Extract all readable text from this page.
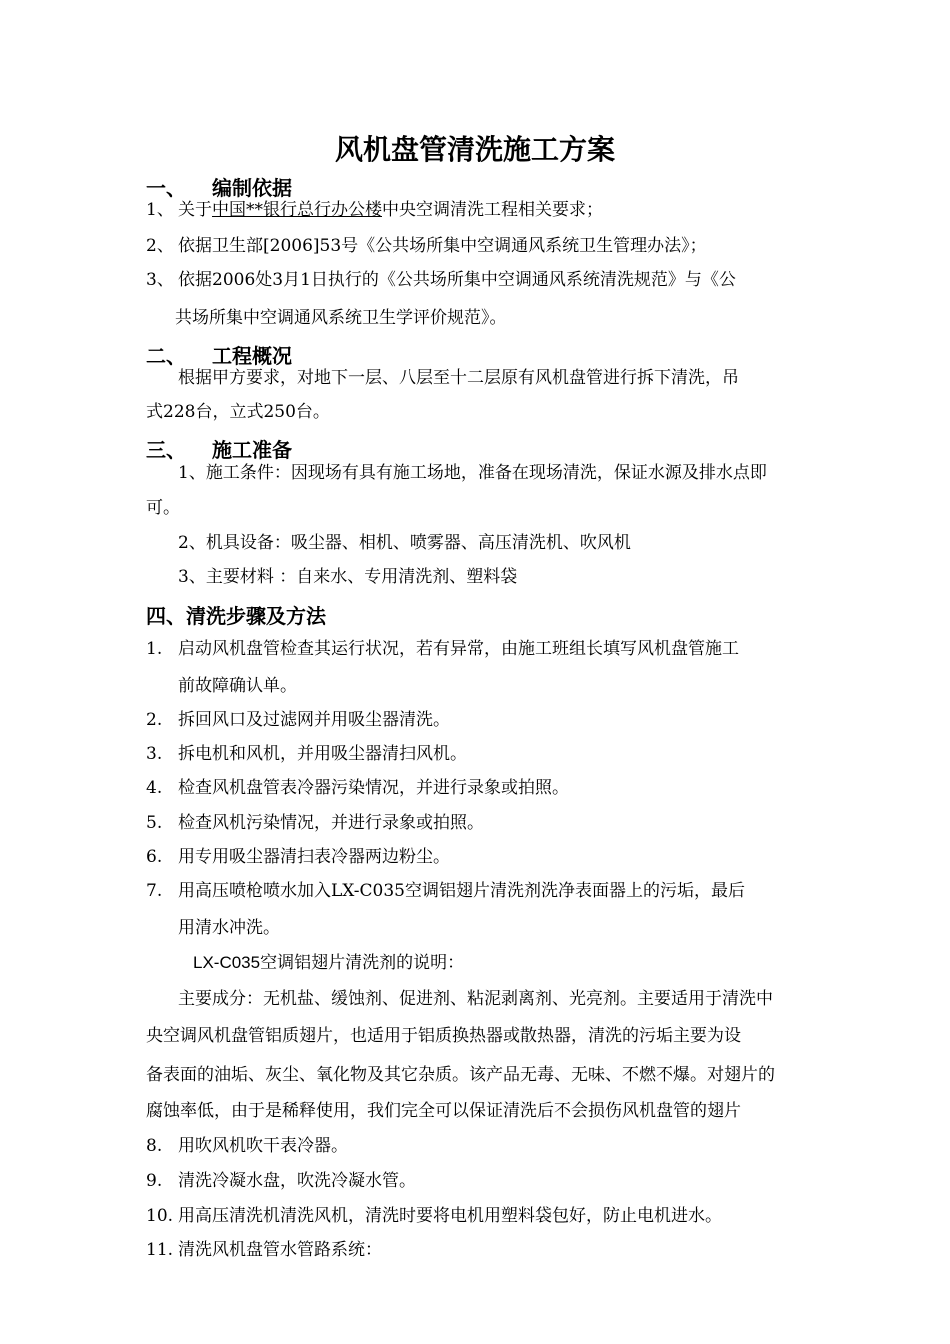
风机盘管清洗施工方案
一、 编制依据
1、 关于中国**银行总行办公楼中央空调清洗工程相关要求；
2、 依据卫生部[2006]53号《公共场所集中空调通风系统卫生管理办法》；
3、 依据2006处3月1日执行的《公共场所集中空调通风系统清洗规范》与《公
共场所集中空调通风系统卫生学评价规范》。
二、 工程概况
根据甲方要求，对地下一层、八层至十二层原有风机盘管进行拆下清洗，吊
式228台，立式250台。
三、 施工准备
1、施工条件：因现场有具有施工场地，准备在现场清洗，保证水源及排水点即
可。
2、机具设备：吸尘器、相机、喷雾器、高压清洗机、吹风机
3、主要材料 ：自来水、专用清洗剂、塑料袋
四、清洗步骤及方法
1. 启动风机盘管检查其运行状况，若有异常，由施工班组长填写风机盘管施工
前故障确认单。
2. 拆回风口及过滤网并用吸尘器清洗。
3. 拆电机和风机，并用吸尘器清扫风机。
4. 检查风机盘管表冷器污染情况，并进行录象或拍照。
5. 检查风机污染情况，并进行录象或拍照。
6. 用专用吸尘器清扫表冷器两边粉尘。
7. 用高压喷枪喷水加入LX-C035空调铝翅片清洗剂洗净表面器上的污垢，最后
用清水冲洗。
LX-C035空调铝翅片清洗剂的说明：
主要成分：无机盐、缓蚀剂、促进剂、粘泥剥离剂、光亮剂。主要适用于清洗中
央空调风机盘管铝质翅片，也适用于铝质换热器或散热器，清洗的污垢主要为设
备表面的油垢、灰尘、氧化物及其它杂质。该产品无毒、无味、不燃不爆。对翅片的
腐蚀率低，由于是稀释使用，我们完全可以保证清洗后不会损伤风机盘管的翅片
8. 用吹风机吹干表冷器。
9. 清洗冷凝水盘，吹洗冷凝水管。
10. 用高压清洗机清洗风机，清洗时要将电机用塑料袋包好，防止电机进水。
11. 清洗风机盘管水管路系统：
